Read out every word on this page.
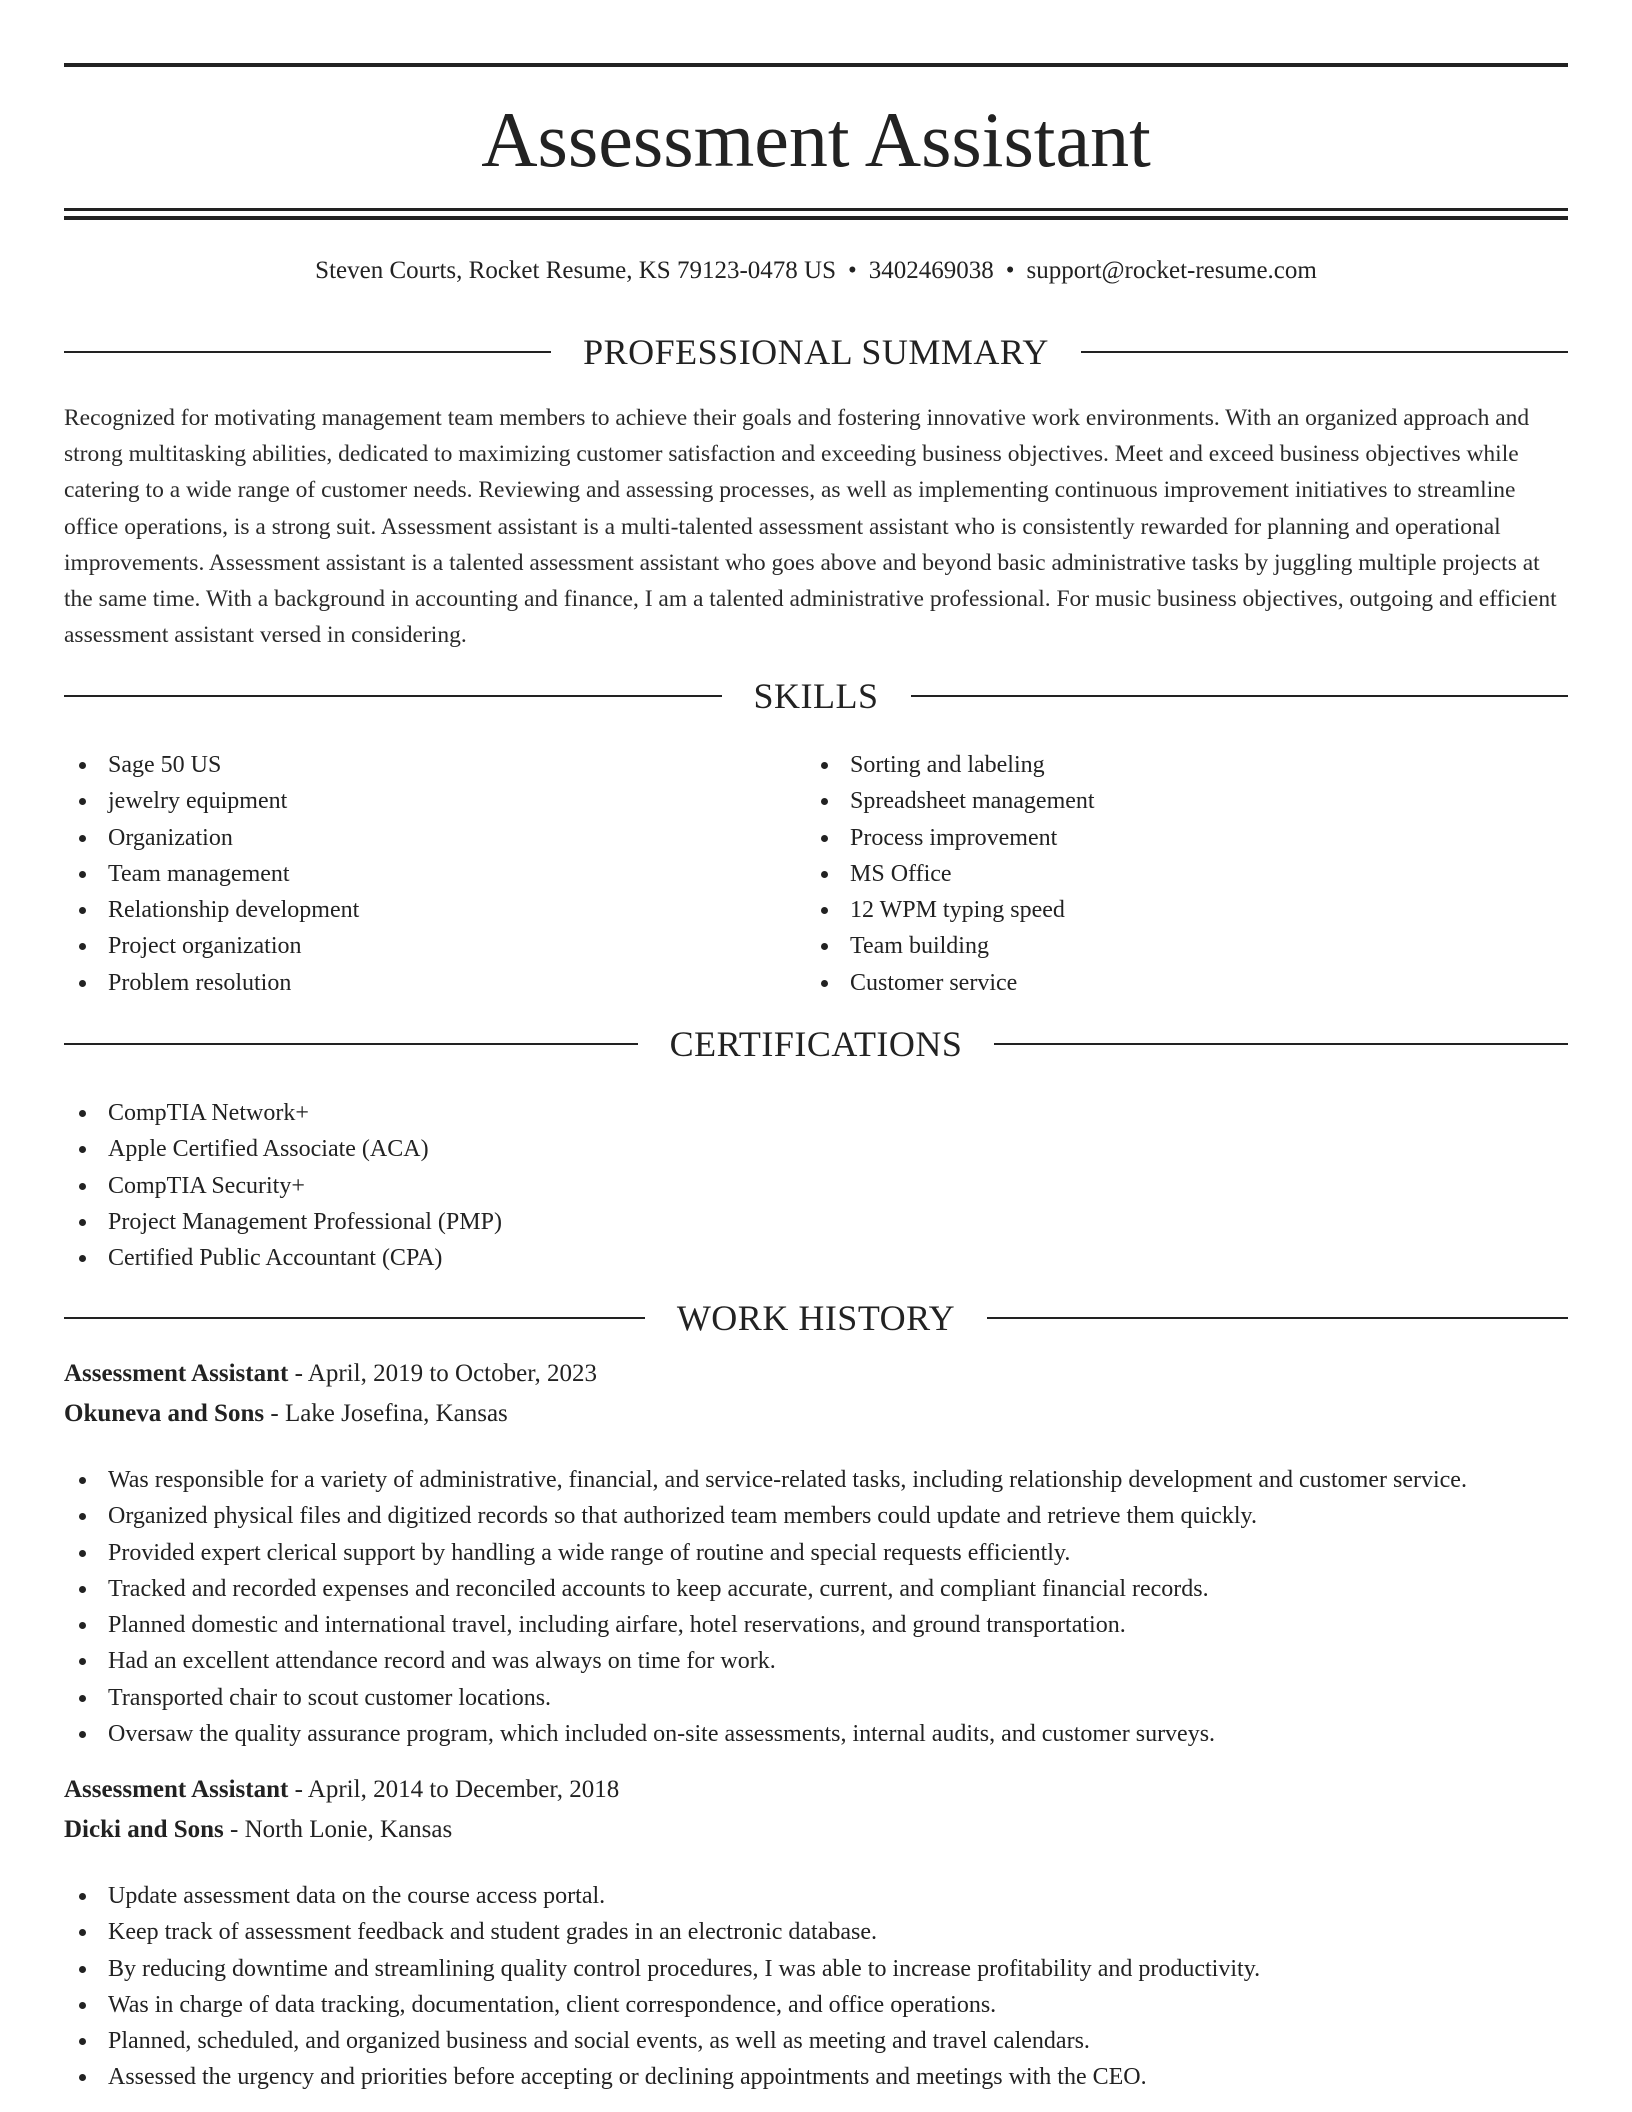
Assessment Assistant
Steven Courts, Rocket Resume, KS 79123-0478 US • 3402469038 • support@rocket-resume.com
PROFESSIONAL SUMMARY

Recognized for motivating management team members to achieve their goals and fostering innovative work environments. With an organized approach and strong multitasking abilities, dedicated to maximizing customer satisfaction and exceeding business objectives. Meet and exceed business objectives while catering to a wide range of customer needs. Reviewing and assessing processes, as well as implementing continuous improvement initiatives to streamline office operations, is a strong suit. Assessment assistant is a multi-talented assessment assistant who is consistently rewarded for planning and operational improvements. Assessment assistant is a talented assessment assistant who goes above and beyond basic administrative tasks by juggling multiple projects at the same time. With a background in accounting and finance, I am a talented administrative professional. For music business objectives, outgoing and efficient assessment assistant versed in considering.

SKILLS
Sage 50 US
jewelry equipment
Organization
Team management
Relationship development
Project organization
Problem resolution
Sorting and labeling
Spreadsheet management
Process improvement
MS Office
12 WPM typing speed
Team building
Customer service
CERTIFICATIONS
CompTIA Network+
Apple Certified Associate (ACA)
CompTIA Security+
Project Management Professional (PMP)
Certified Public Accountant (CPA)
WORK HISTORY
Assessment Assistant - April, 2019 to October, 2023
Okuneva and Sons - Lake Josefina, Kansas
Was responsible for a variety of administrative, financial, and service-related tasks, including relationship development and customer service.
Organized physical files and digitized records so that authorized team members could update and retrieve them quickly.
Provided expert clerical support by handling a wide range of routine and special requests efficiently.
Tracked and recorded expenses and reconciled accounts to keep accurate, current, and compliant financial records.
Planned domestic and international travel, including airfare, hotel reservations, and ground transportation.
Had an excellent attendance record and was always on time for work.
Transported chair to scout customer locations.
Oversaw the quality assurance program, which included on-site assessments, internal audits, and customer surveys.
Assessment Assistant - April, 2014 to December, 2018
Dicki and Sons - North Lonie, Kansas
Update assessment data on the course access portal.
Keep track of assessment feedback and student grades in an electronic database.
By reducing downtime and streamlining quality control procedures, I was able to increase profitability and productivity.
Was in charge of data tracking, documentation, client correspondence, and office operations.
Planned, scheduled, and organized business and social events, as well as meeting and travel calendars.
Assessed the urgency and priorities before accepting or declining appointments and meetings with the CEO.
